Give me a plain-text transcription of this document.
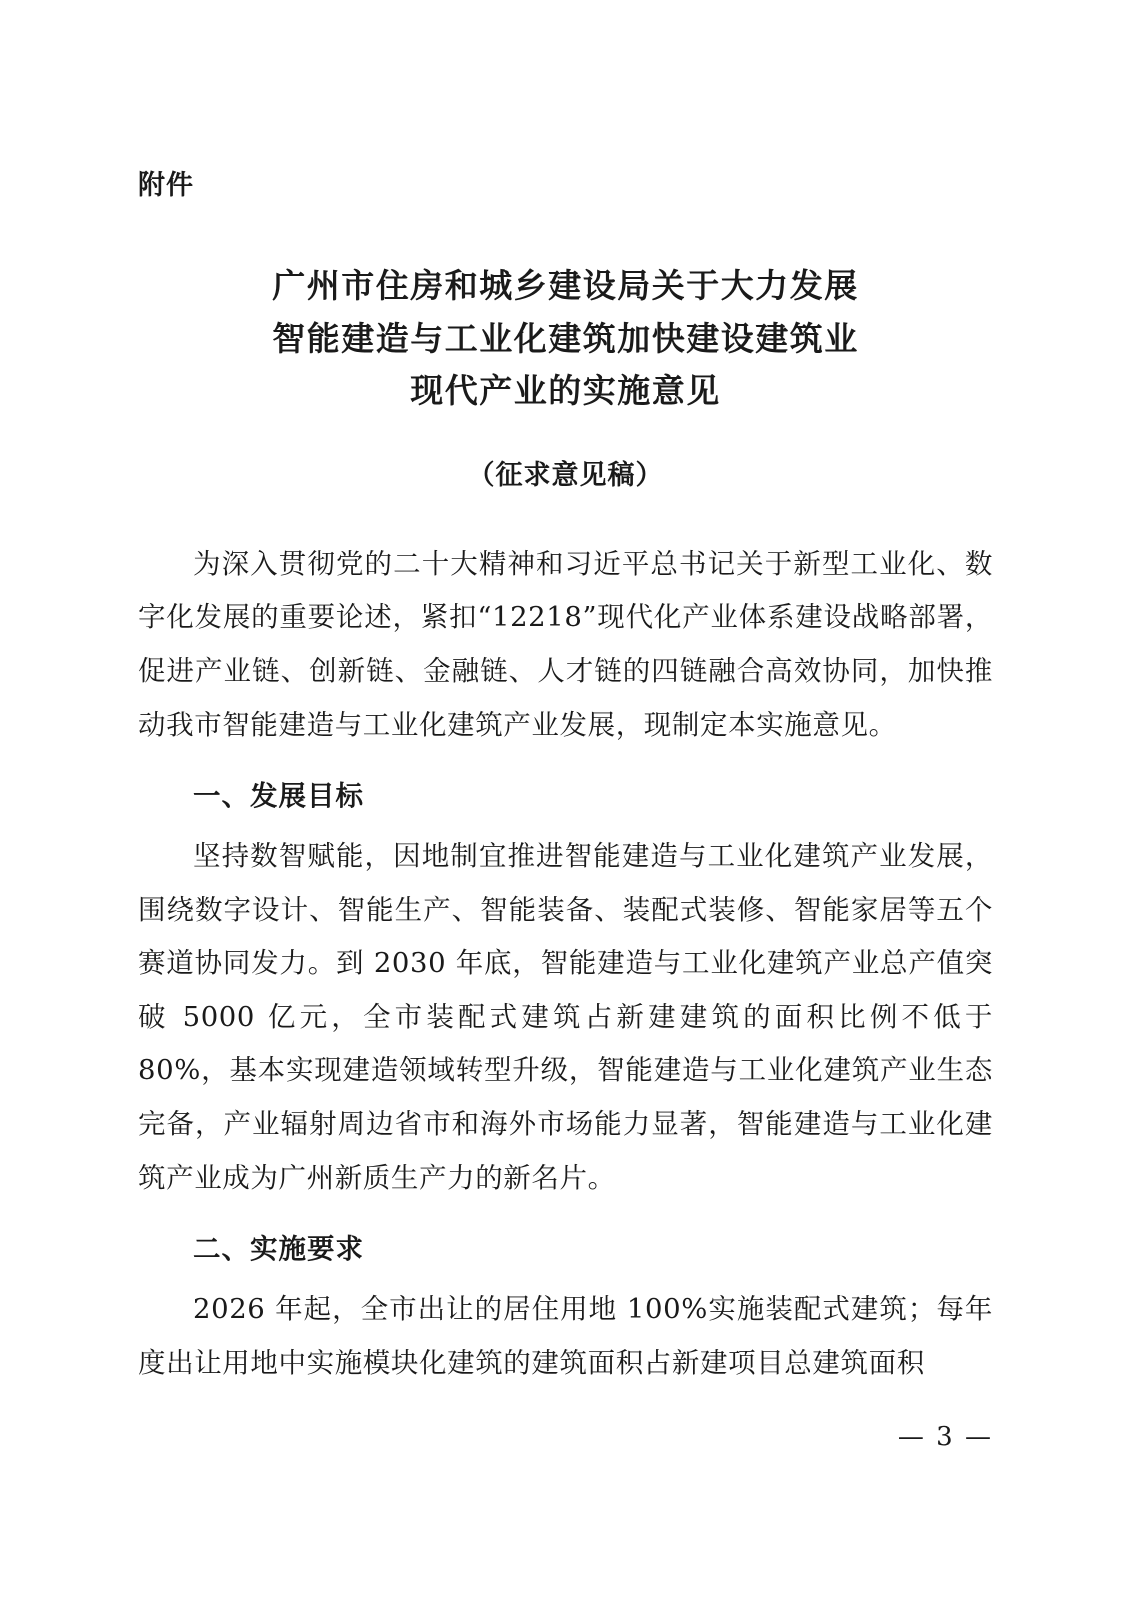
附件
广州市住房和城乡建设局关于大力发展
智能建造与工业化建筑加快建设建筑业
现代产业的实施意见
（征求意见稿）

为深入贯彻党的二十大精神和习近平总书记关于新型工业化、数字化发展的重要论述，紧扣“12218”现代化产业体系建设战略部署，促进产业链、创新链、金融链、人才链的四链融合高效协同，加快推动我市智能建造与工业化建筑产业发展，现制定本实施意见。

一、发展目标

坚持数智赋能，因地制宜推进智能建造与工业化建筑产业发展，围绕数字设计、智能生产、智能装备、装配式装修、智能家居等五个赛道协同发力。到 2030 年底，智能建造与工业化建筑产业总产值突破 5000 亿元，全市装配式建筑占新建建筑的面积比例不低于 80%，基本实现建造领域转型升级，智能建造与工业化建筑产业生态完备，产业辐射周边省市和海外市场能力显著，智能建造与工业化建筑产业成为广州新质生产力的新名片。

二、实施要求

2026 年起，全市出让的居住用地 100%实施装配式建筑；每年度出让用地中实施模块化建筑的建筑面积占新建项目总建筑面积

— 3 —
